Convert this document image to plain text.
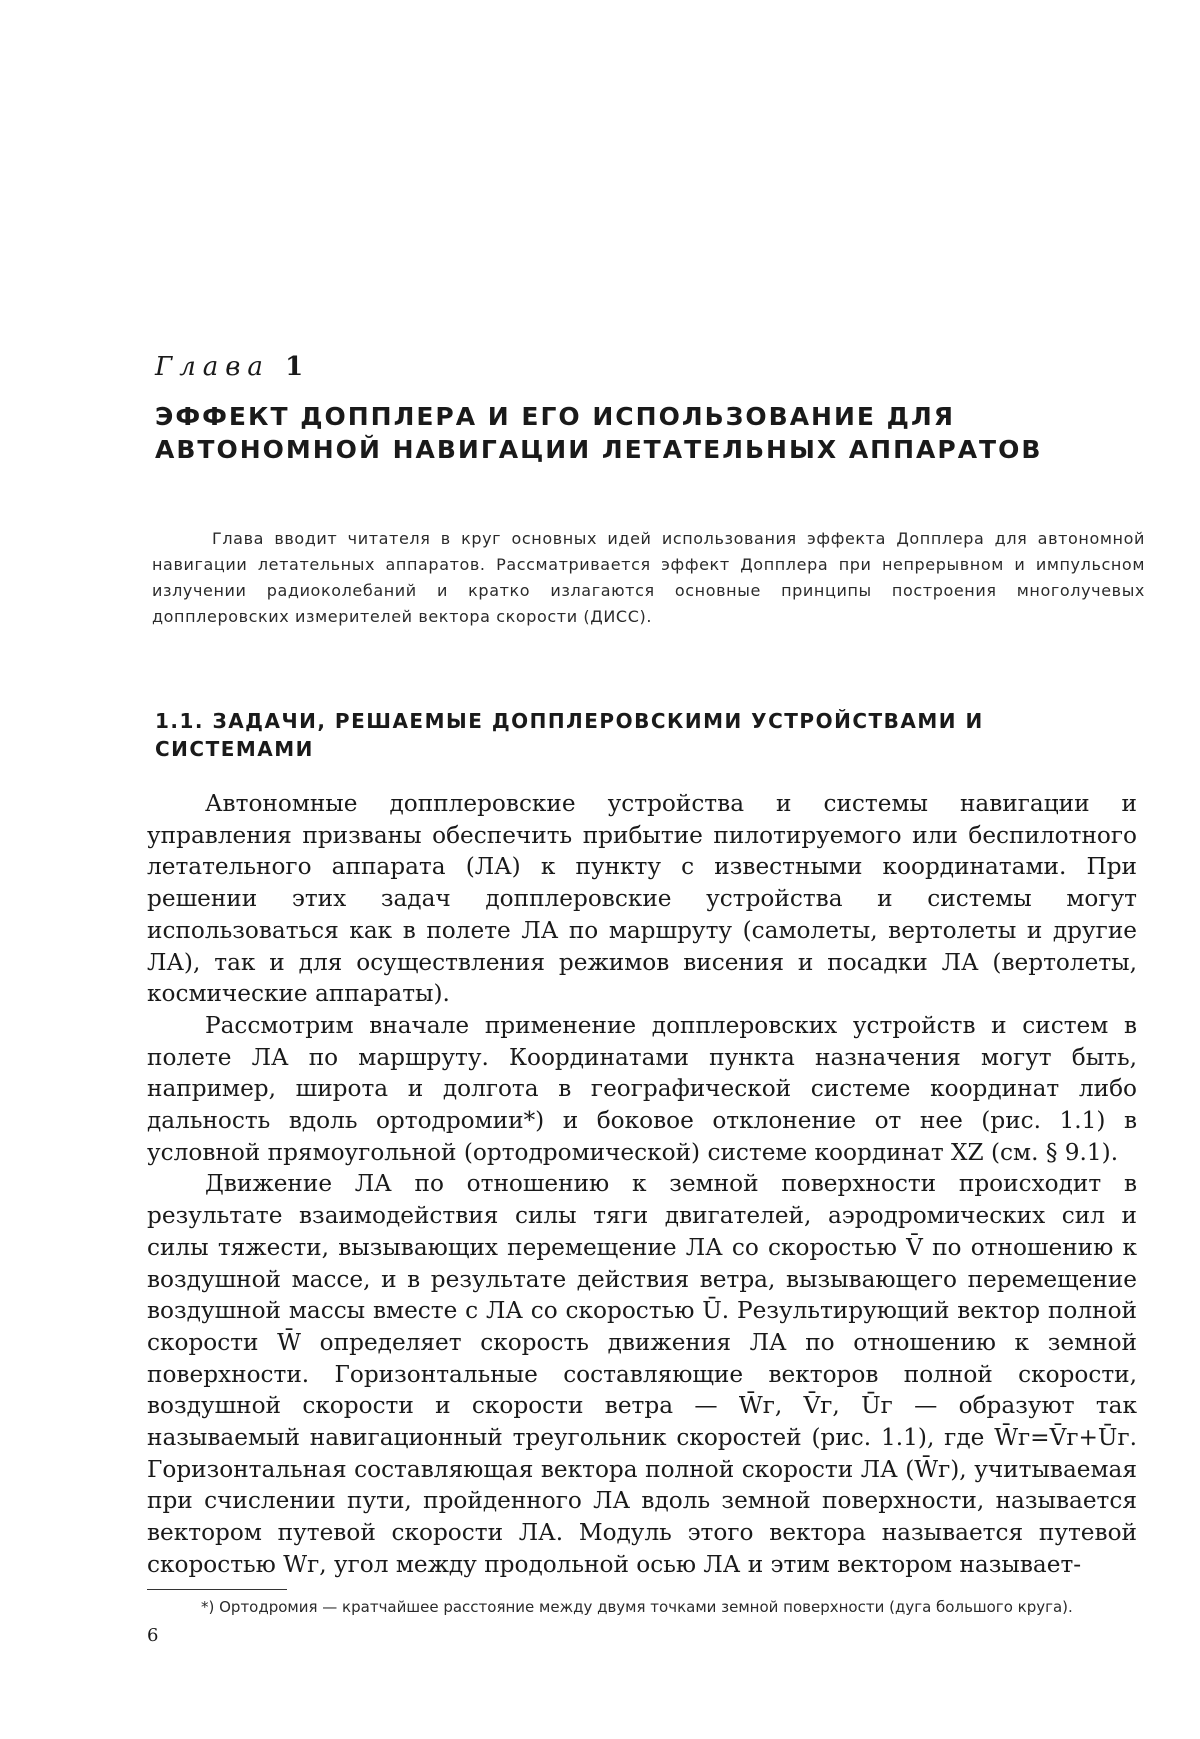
Глава 1
ЭФФЕКТ ДОППЛЕРА И ЕГО ИСПОЛЬЗОВАНИЕ ДЛЯ АВТОНОМНОЙ НАВИГАЦИИ ЛЕТАТЕЛЬНЫХ АППАРАТОВ
Глава вводит читателя в круг основных идей использования эффекта Допплера для автономной навигации летательных аппаратов. Рассматривается эффект Допплера при непрерывном и импульсном излучении радиоколебаний и кратко излагаются основные принципы построения многолучевых допплеровских измерителей вектора скорости (ДИСС).
1.1. ЗАДАЧИ, РЕШАЕМЫЕ ДОППЛЕРОВСКИМИ УСТРОЙСТВАМИ И СИСТЕМАМИ

Автономные допплеровские устройства и системы навигации и управления призваны обеспечить прибытие пилотируемого или беспилотного летательного аппарата (ЛА) к пункту с известными координатами. При решении этих задач допплеровские устройства и системы могут использоваться как в полете ЛА по маршруту (самолеты, вертолеты и другие ЛА), так и для осуществления режимов висения и посадки ЛА (вертолеты, космические аппараты).

Рассмотрим вначале применение допплеровских устройств и систем в полете ЛА по маршруту. Координатами пункта назначения могут быть, например, широта и долгота в географической системе координат либо дальность вдоль ортодромии*) и боковое отклонение от нее (рис. 1.1) в условной прямоугольной (ортодромической) системе координат XZ (см. § 9.1).

Движение ЛА по отношению к земной поверхности происходит в результате взаимодействия силы тяги двигателей, аэродромических сил и силы тяжести, вызывающих перемещение ЛА со скоростью V̄ по отношению к воздушной массе, и в результате действия ветра, вызывающего перемещение воздушной массы вместе с ЛА со скоростью Ū. Результирующий вектор полной скорости W̄ определяет скорость движения ЛА по отношению к земной поверхности. Горизонтальные составляющие векторов полной скорости, воздушной скорости и скорости ветра — W̄г, V̄г, Ūг — образуют так называемый навигационный треугольник скоростей (рис. 1.1), где W̄г=V̄г+Ūг. Горизонтальная составляющая вектора полной скорости ЛА (W̄г), учитываемая при счислении пути, пройденного ЛА вдоль земной поверхности, называется вектором путевой скорости ЛА. Модуль этого вектора называется путевой скоростью Wг, угол между продольной осью ЛА и этим вектором называет-

*) Ортодромия — кратчайшее расстояние между двумя точками земной поверхности (дуга большого круга).
6
